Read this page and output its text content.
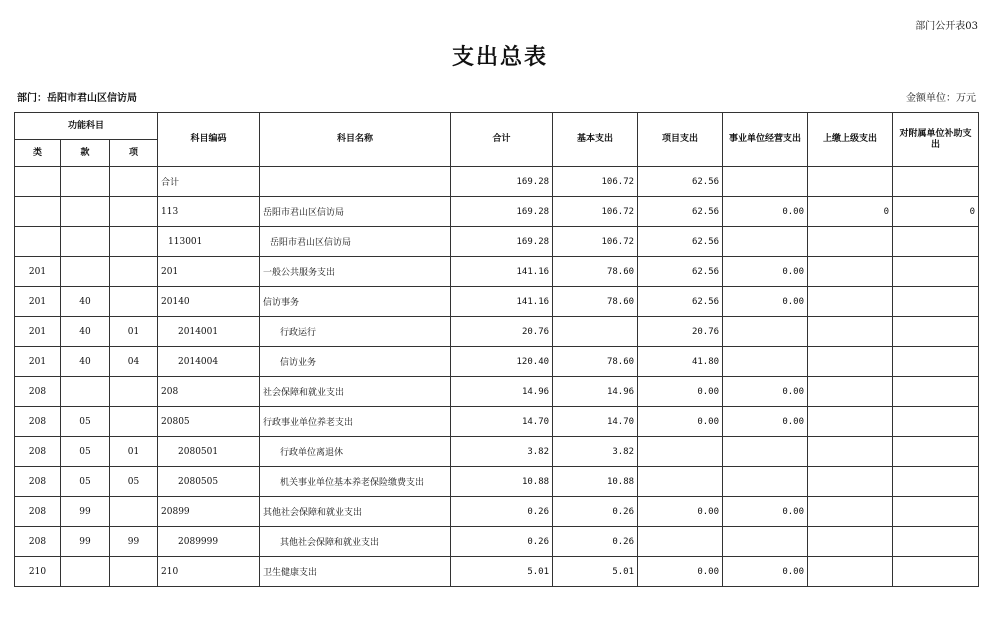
部门公开表03
支出总表
部门：岳阳市君山区信访局	金额单位：万元
功能科目			科目编码	科目名称	合计	基本支出	项目支出	事业单位经营支出	上缴上级支出	对附属单位补助支出
类	款	项								
			合计		169.28	106.72	62.56			
			113	岳阳市君山区信访局	169.28	106.72	62.56	0.00	0	0
			113001	岳阳市君山区信访局	169.28	106.72	62.56			
201			201	一般公共服务支出	141.16	78.60	62.56	0.00		
201	40		20140	信访事务	141.16	78.60	62.56	0.00		
201	40	01	2014001	行政运行	20.76		20.76			
201	40	04	2014004	信访业务	120.40	78.60	41.80			
208			208	社会保障和就业支出	14.96	14.96	0.00	0.00		
208	05		20805	行政事业单位养老支出	14.70	14.70	0.00	0.00		
208	05	01	2080501	行政单位离退休	3.82	3.82				
208	05	05	2080505	机关事业单位基本养老保险缴费支出	10.88	10.88				
208	99		20899	其他社会保障和就业支出	0.26	0.26	0.00	0.00		
208	99	99	2089999	其他社会保障和就业支出	0.26	0.26				
210			210	卫生健康支出	5.01	5.01	0.00	0.00		
